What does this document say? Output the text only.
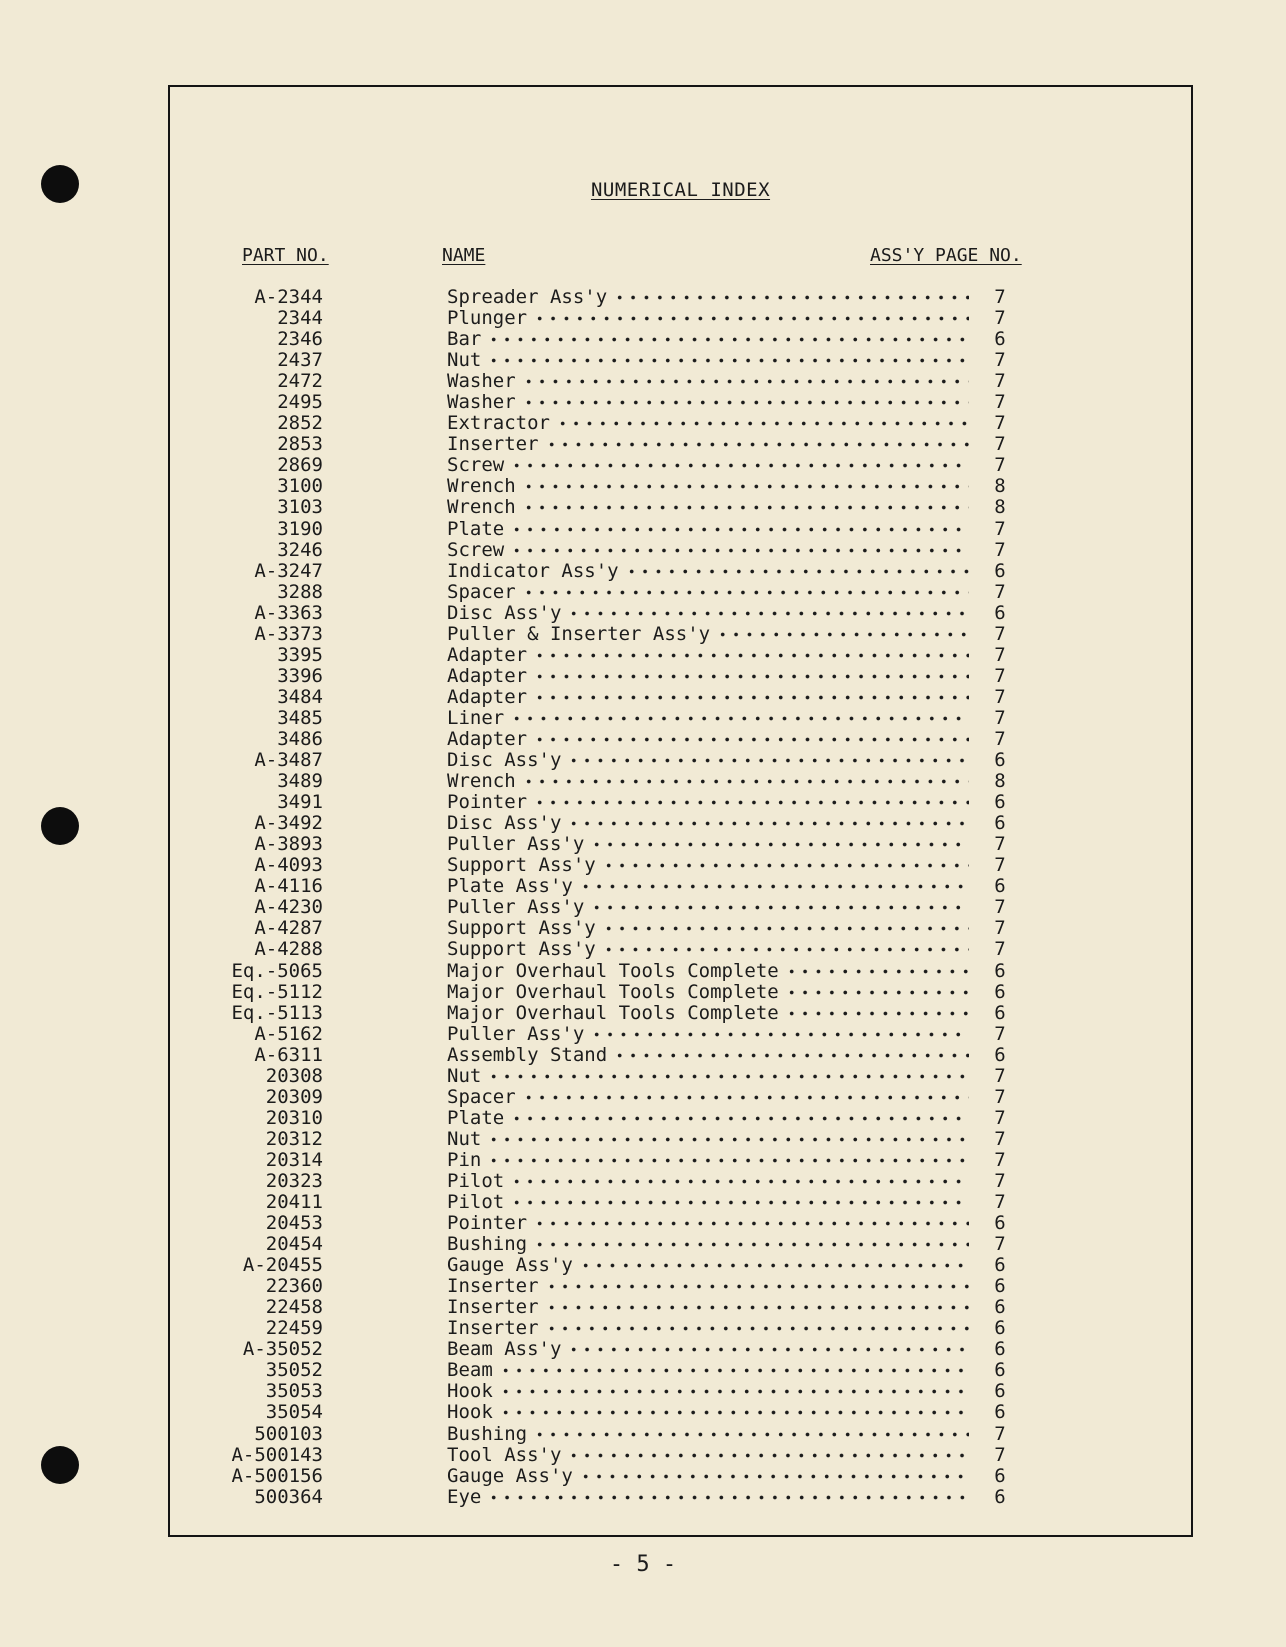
NUMERICAL INDEX
PART NO.	NAME	ASS'Y PAGE NO.
A-2344	Spreader Ass'y	7
2344	Plunger	7
2346	Bar	6
2437	Nut	7
2472	Washer	7
2495	Washer	7
2852	Extractor	7
2853	Inserter	7
2869	Screw	7
3100	Wrench	8
3103	Wrench	8
3190	Plate	7
3246	Screw	7
A-3247	Indicator Ass'y	6
3288	Spacer	7
A-3363	Disc Ass'y	6
A-3373	Puller & Inserter Ass'y	7
3395	Adapter	7
3396	Adapter	7
3484	Adapter	7
3485	Liner	7
3486	Adapter	7
A-3487	Disc Ass'y	6
3489	Wrench	8
3491	Pointer	6
A-3492	Disc Ass'y	6
A-3893	Puller Ass'y	7
A-4093	Support Ass'y	7
A-4116	Plate Ass'y	6
A-4230	Puller Ass'y	7
A-4287	Support Ass'y	7
A-4288	Support Ass'y	7
Eq.-5065	Major Overhaul Tools Complete	6
Eq.-5112	Major Overhaul Tools Complete	6
Eq.-5113	Major Overhaul Tools Complete	6
A-5162	Puller Ass'y	7
A-6311	Assembly Stand	6
20308	Nut	7
20309	Spacer	7
20310	Plate	7
20312	Nut	7
20314	Pin	7
20323	Pilot	7
20411	Pilot	7
20453	Pointer	6
20454	Bushing	7
A-20455	Gauge Ass'y	6
22360	Inserter	6
22458	Inserter	6
22459	Inserter	6
A-35052	Beam Ass'y	6
35052	Beam	6
35053	Hook	6
35054	Hook	6
500103	Bushing	7
A-500143	Tool Ass'y	7
A-500156	Gauge Ass'y	6
500364	Eye	6
- 5 -
